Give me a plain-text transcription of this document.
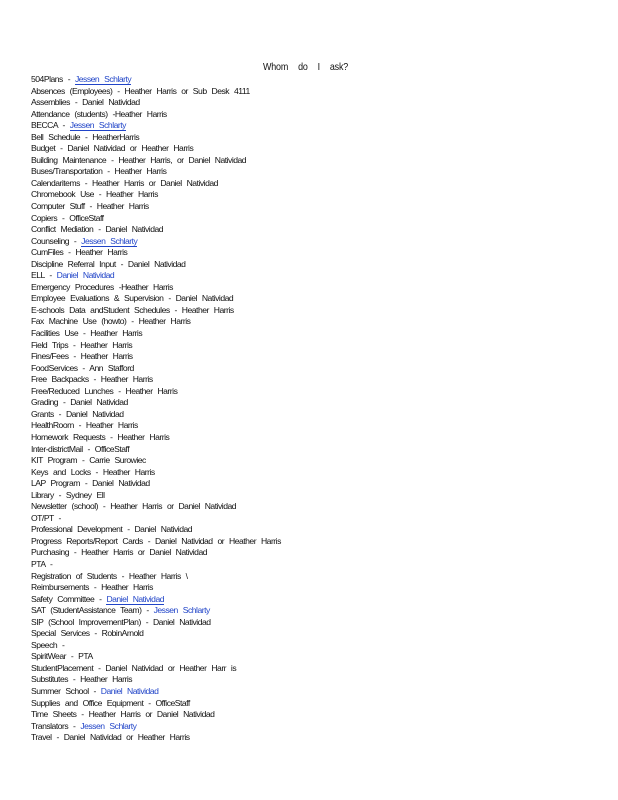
Whom do I ask?
504Plans - Jessen Schlarty
Absences (Employees) - Heather Harris or Sub Desk 4111
Assemblies - Daniel Natividad
Attendance (students) -Heather Harris
BECCA - Jessen Schlarty
Bell Schedule - HeatherHarris
Budget - Daniel Natividad or Heather Harris
Building Maintenance - Heather Harris, or Daniel Natividad
Buses/Transportation - Heather Harris
Calendaritems - Heather Harris or Daniel Natividad
Chromebook Use - Heather Harris
Computer Stuff - Heather Harris
Copiers - OfficeStaff
Conflict Mediation - Daniel Natividad
Counseling - Jessen Schlarty
CumFiles - Heather Harris
Discipline Referral Input - Daniel Natividad
ELL - Daniel Natividad
Emergency Procedures -Heather Harris
Employee Evaluations & Supervision - Daniel Natividad
E-schools Data andStudent Schedules - Heather Harris
Fax Machine Use (howto) - Heather Harris
Facilities Use - Heather Harris
Field Trips - Heather Harris
Fines/Fees - Heather Harris
FoodServices - Ann Stafford
Free Backpacks - Heather Harris
Free/Reduced Lunches - Heather Harris
Grading - Daniel Natividad
Grants - Daniel Natividad
HealthRoom - Heather Harris
Homework Requests - Heather Harris
Inter-districtMail - OfficeStaff
KIT Program - Carrie Surowiec
Keys and Locks - Heather Harris
LAP Program - Daniel Natividad
Library - Sydney Ell
Newsletter (school) - Heather Harris or Daniel Natividad
OT/PT -
Professional Development - Daniel Natividad
Progress Reports/Report Cards - Daniel Natividad or Heather Harris
Purchasing - Heather Harris or Daniel Natividad
PTA -
Registration of Students - Heather Harris \
Reimbursements - Heather Harris
Safety Committee - Daniel Natividad
SAT (StudentAssistance Team) - Jessen Schlarty
SIP (School ImprovementPlan) - Daniel Natividad
Special Services - RobinArnold
Speech -
SpiritWear - PTA
StudentPlacement - Daniel Natividad or Heather Harr is
Substitutes - Heather Harris
Summer School - Daniel Natividad
Supplies and Office Equipment - OfficeStaff
Time Sheets - Heather Harris or Daniel Natividad
Translators - Jessen Schlarty
Travel - Daniel Natividad or Heather Harris
